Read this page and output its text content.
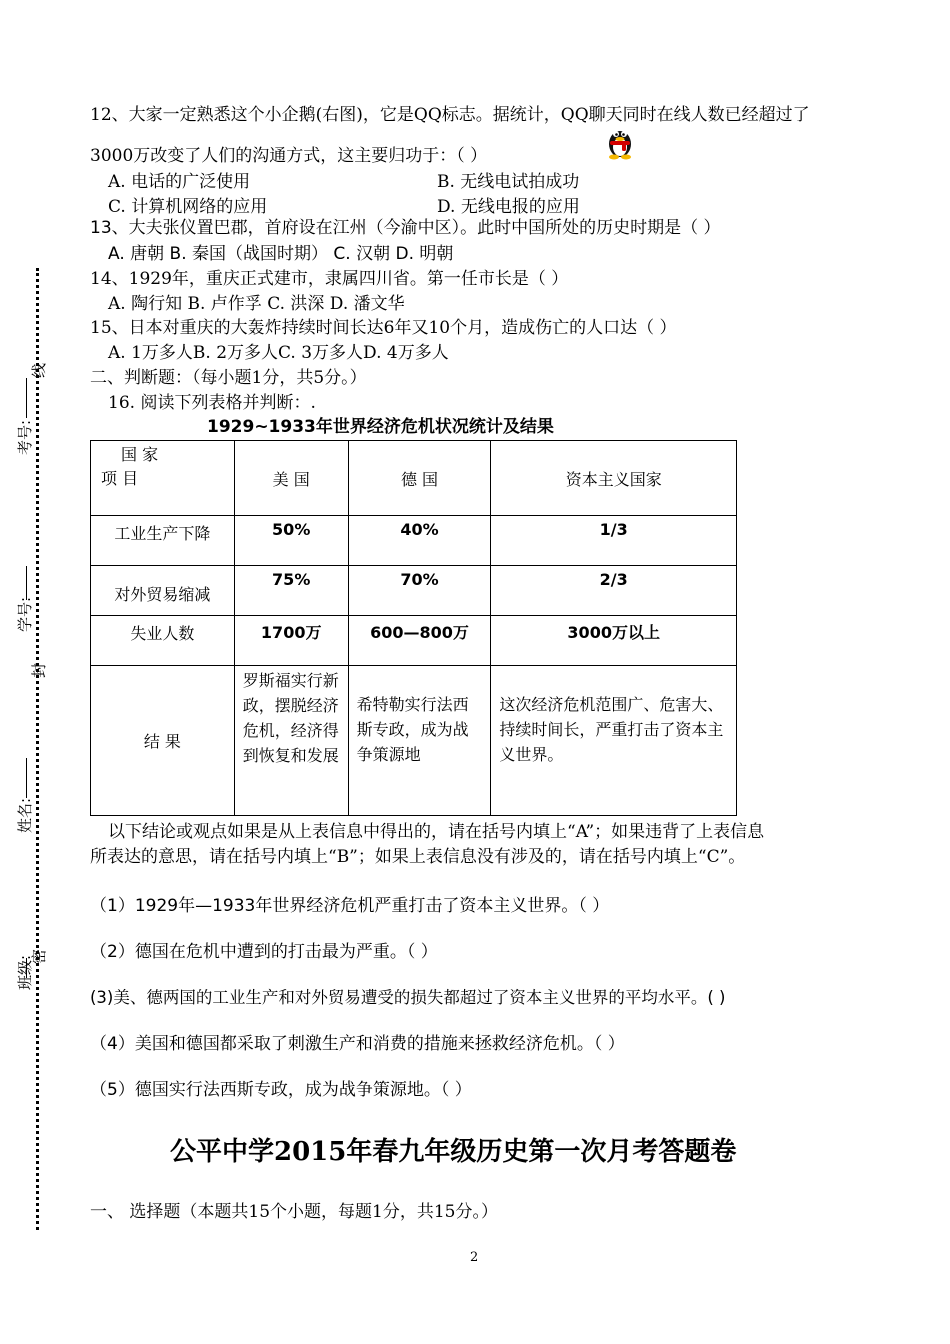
考号:
学号:
姓名:
班级:
线
封
密
12、大家一定熟悉这个小企鹅(右图)，它是QQ标志。据统计，QQ聊天同时在线人数已经超过了
3000万改变了人们的沟通方式，这主要归功于：（ ）
A. 电话的广泛使用	B. 无线电试拍成功
C. 计算机网络的应用	D. 无线电报的应用
13、大夫张仪置巴郡，首府设在江州（今渝中区）。此时中国所处的历史时期是（ ）
A. 唐朝 B. 秦国（战国时期） C. 汉朝 D. 明朝
14、1929年，重庆正式建市，隶属四川省。第一任市长是（ ）
A. 陶行知 B. 卢作孚 C. 洪深 D. 潘文华
15、日本对重庆的大轰炸持续时间长达6年又10个月，造成伤亡的人口达（ ）
A. 1万多人B. 2万多人C. 3万多人D. 4万多人
二、判断题：（每小题1分，共5分。）
16. 阅读下列表格并判断：.
1929~1933年世界经济危机状况统计及结果
国 家
项 目	美 国	德 国	资本主义国家
工业生产下降	50%	40%	1/3
对外贸易缩减	75%	70%	2/3
失业人数	1700万	600—800万	3000万以上
结 果	罗斯福实行新政，摆脱经济危机，经济得到恢复和发展	希特勒实行法西斯专政，成为战争策源地	这次经济危机范围广、危害大、持续时间长，严重打击了资本主义世界。
以下结论或观点如果是从上表信息中得出的，请在括号内填上“A”；如果违背了上表信息
所表达的意思，请在括号内填上“B”；如果上表信息没有涉及的，请在括号内填上“C”。
（1）1929年—1933年世界经济危机严重打击了资本主义世界。（ ）
（2）德国在危机中遭到的打击最为严重。（ ）
(3)美、德两国的工业生产和对外贸易遭受的损失都超过了资本主义世界的平均水平。( )
（4）美国和德国都采取了刺激生产和消费的措施来拯救经济危机。（ ）
（5）德国实行法西斯专政，成为战争策源地。（ ）
公平中学2015年春九年级历史第一次月考答题卷
一、 选择题（本题共15个小题，每题1分，共15分。）
2
